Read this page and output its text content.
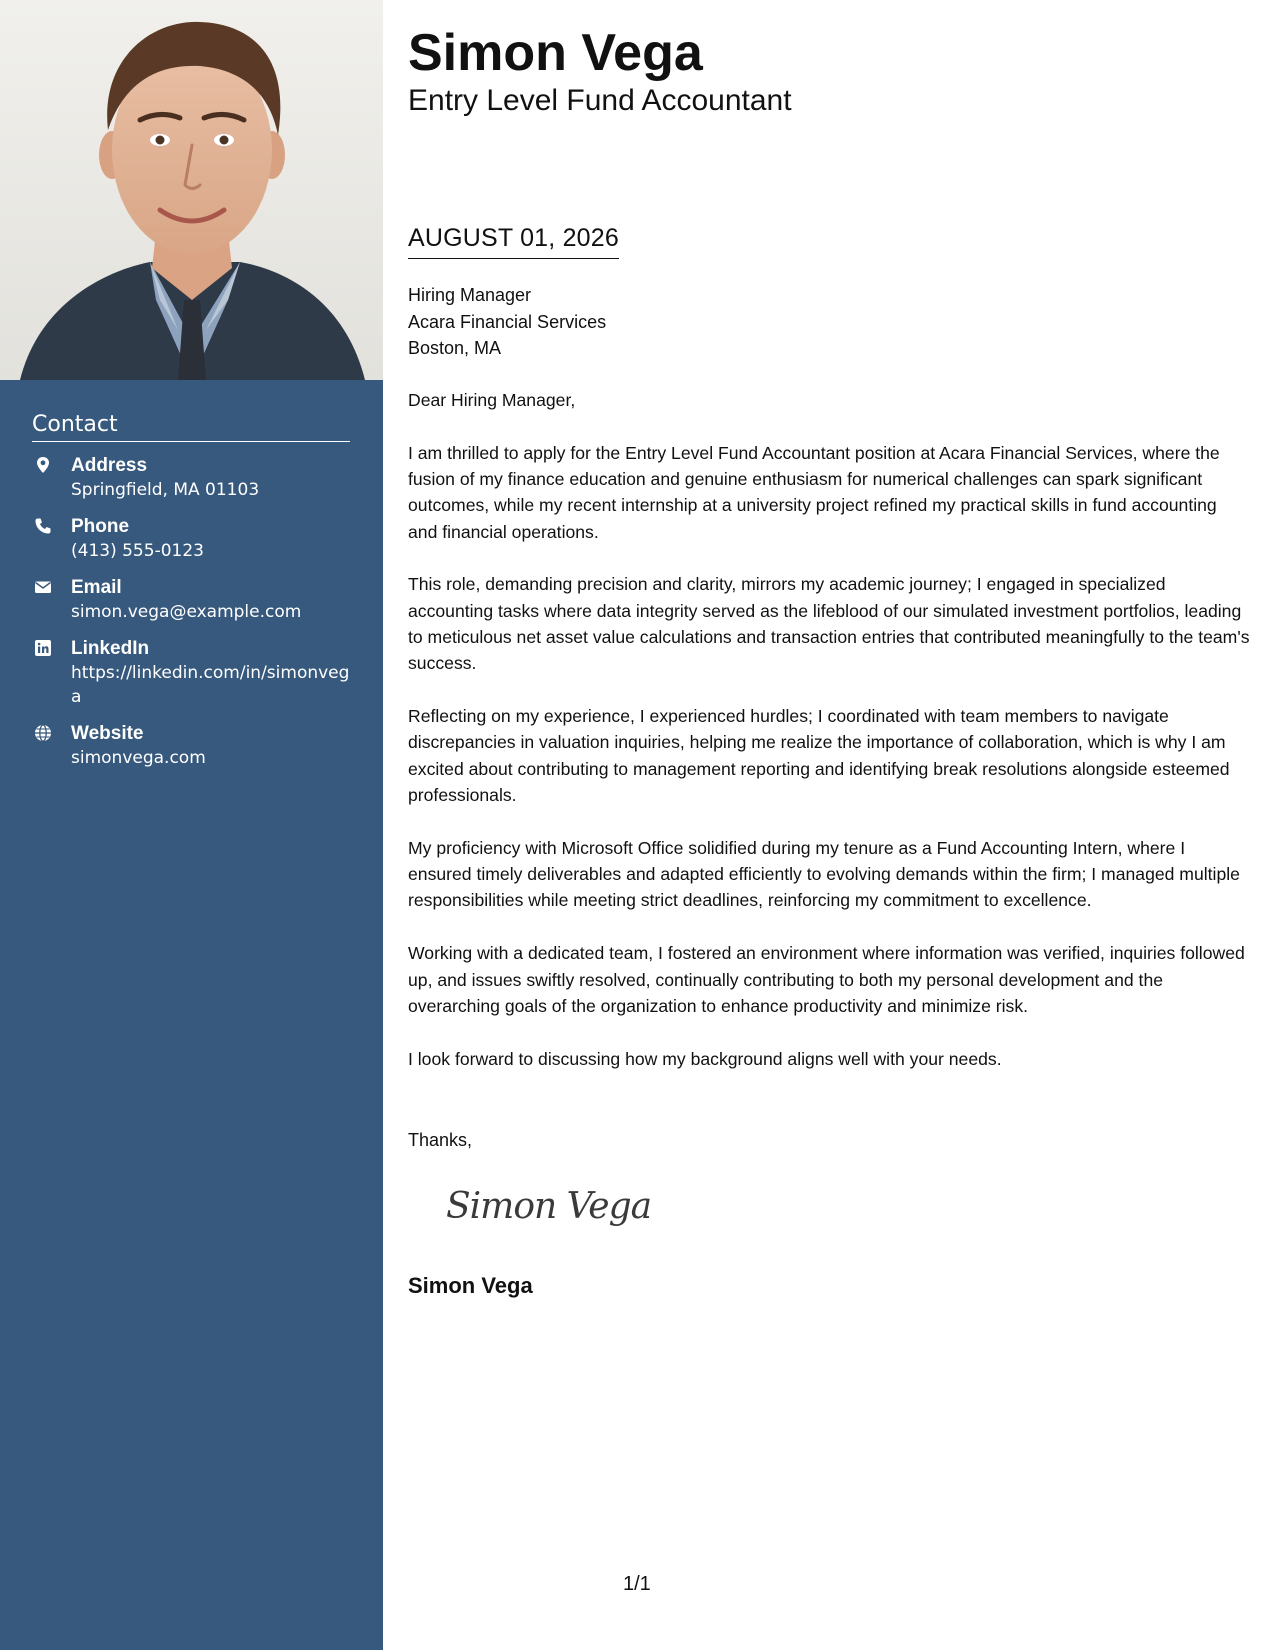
Contact
Address
Springfield, MA 01103
Phone
(413) 555-0123
Email
simon.vega@example.com
LinkedIn
https://linkedin.com/in/simonvega
Website
simonvega.com
Simon Vega
Entry Level Fund Accountant
AUGUST 01, 2026
Hiring Manager
Acara Financial Services
Boston, MA

Dear Hiring Manager,

I am thrilled to apply for the Entry Level Fund Accountant position at Acara Financial Services, where the fusion of my finance education and genuine enthusiasm for numerical challenges can spark significant outcomes, while my recent internship at a university project refined my practical skills in fund accounting and financial operations.

This role, demanding precision and clarity, mirrors my academic journey; I engaged in specialized accounting tasks where data integrity served as the lifeblood of our simulated investment portfolios, leading to meticulous net asset value calculations and transaction entries that contributed meaningfully to the team's success.

Reflecting on my experience, I experienced hurdles; I coordinated with team members to navigate discrepancies in valuation inquiries, helping me realize the importance of collaboration, which is why I am excited about contributing to management reporting and identifying break resolutions alongside esteemed professionals.

My proficiency with Microsoft Office solidified during my tenure as a Fund Accounting Intern, where I ensured timely deliverables and adapted efficiently to evolving demands within the firm; I managed multiple responsibilities while meeting strict deadlines, reinforcing my commitment to excellence.

Working with a dedicated team, I fostered an environment where information was verified, inquiries followed up, and issues swiftly resolved, continually contributing to both my personal development and the overarching goals of the organization to enhance productivity and minimize risk.

I look forward to discussing how my background aligns well with your needs.

Thanks,
Simon Vega
Simon Vega
1/1
